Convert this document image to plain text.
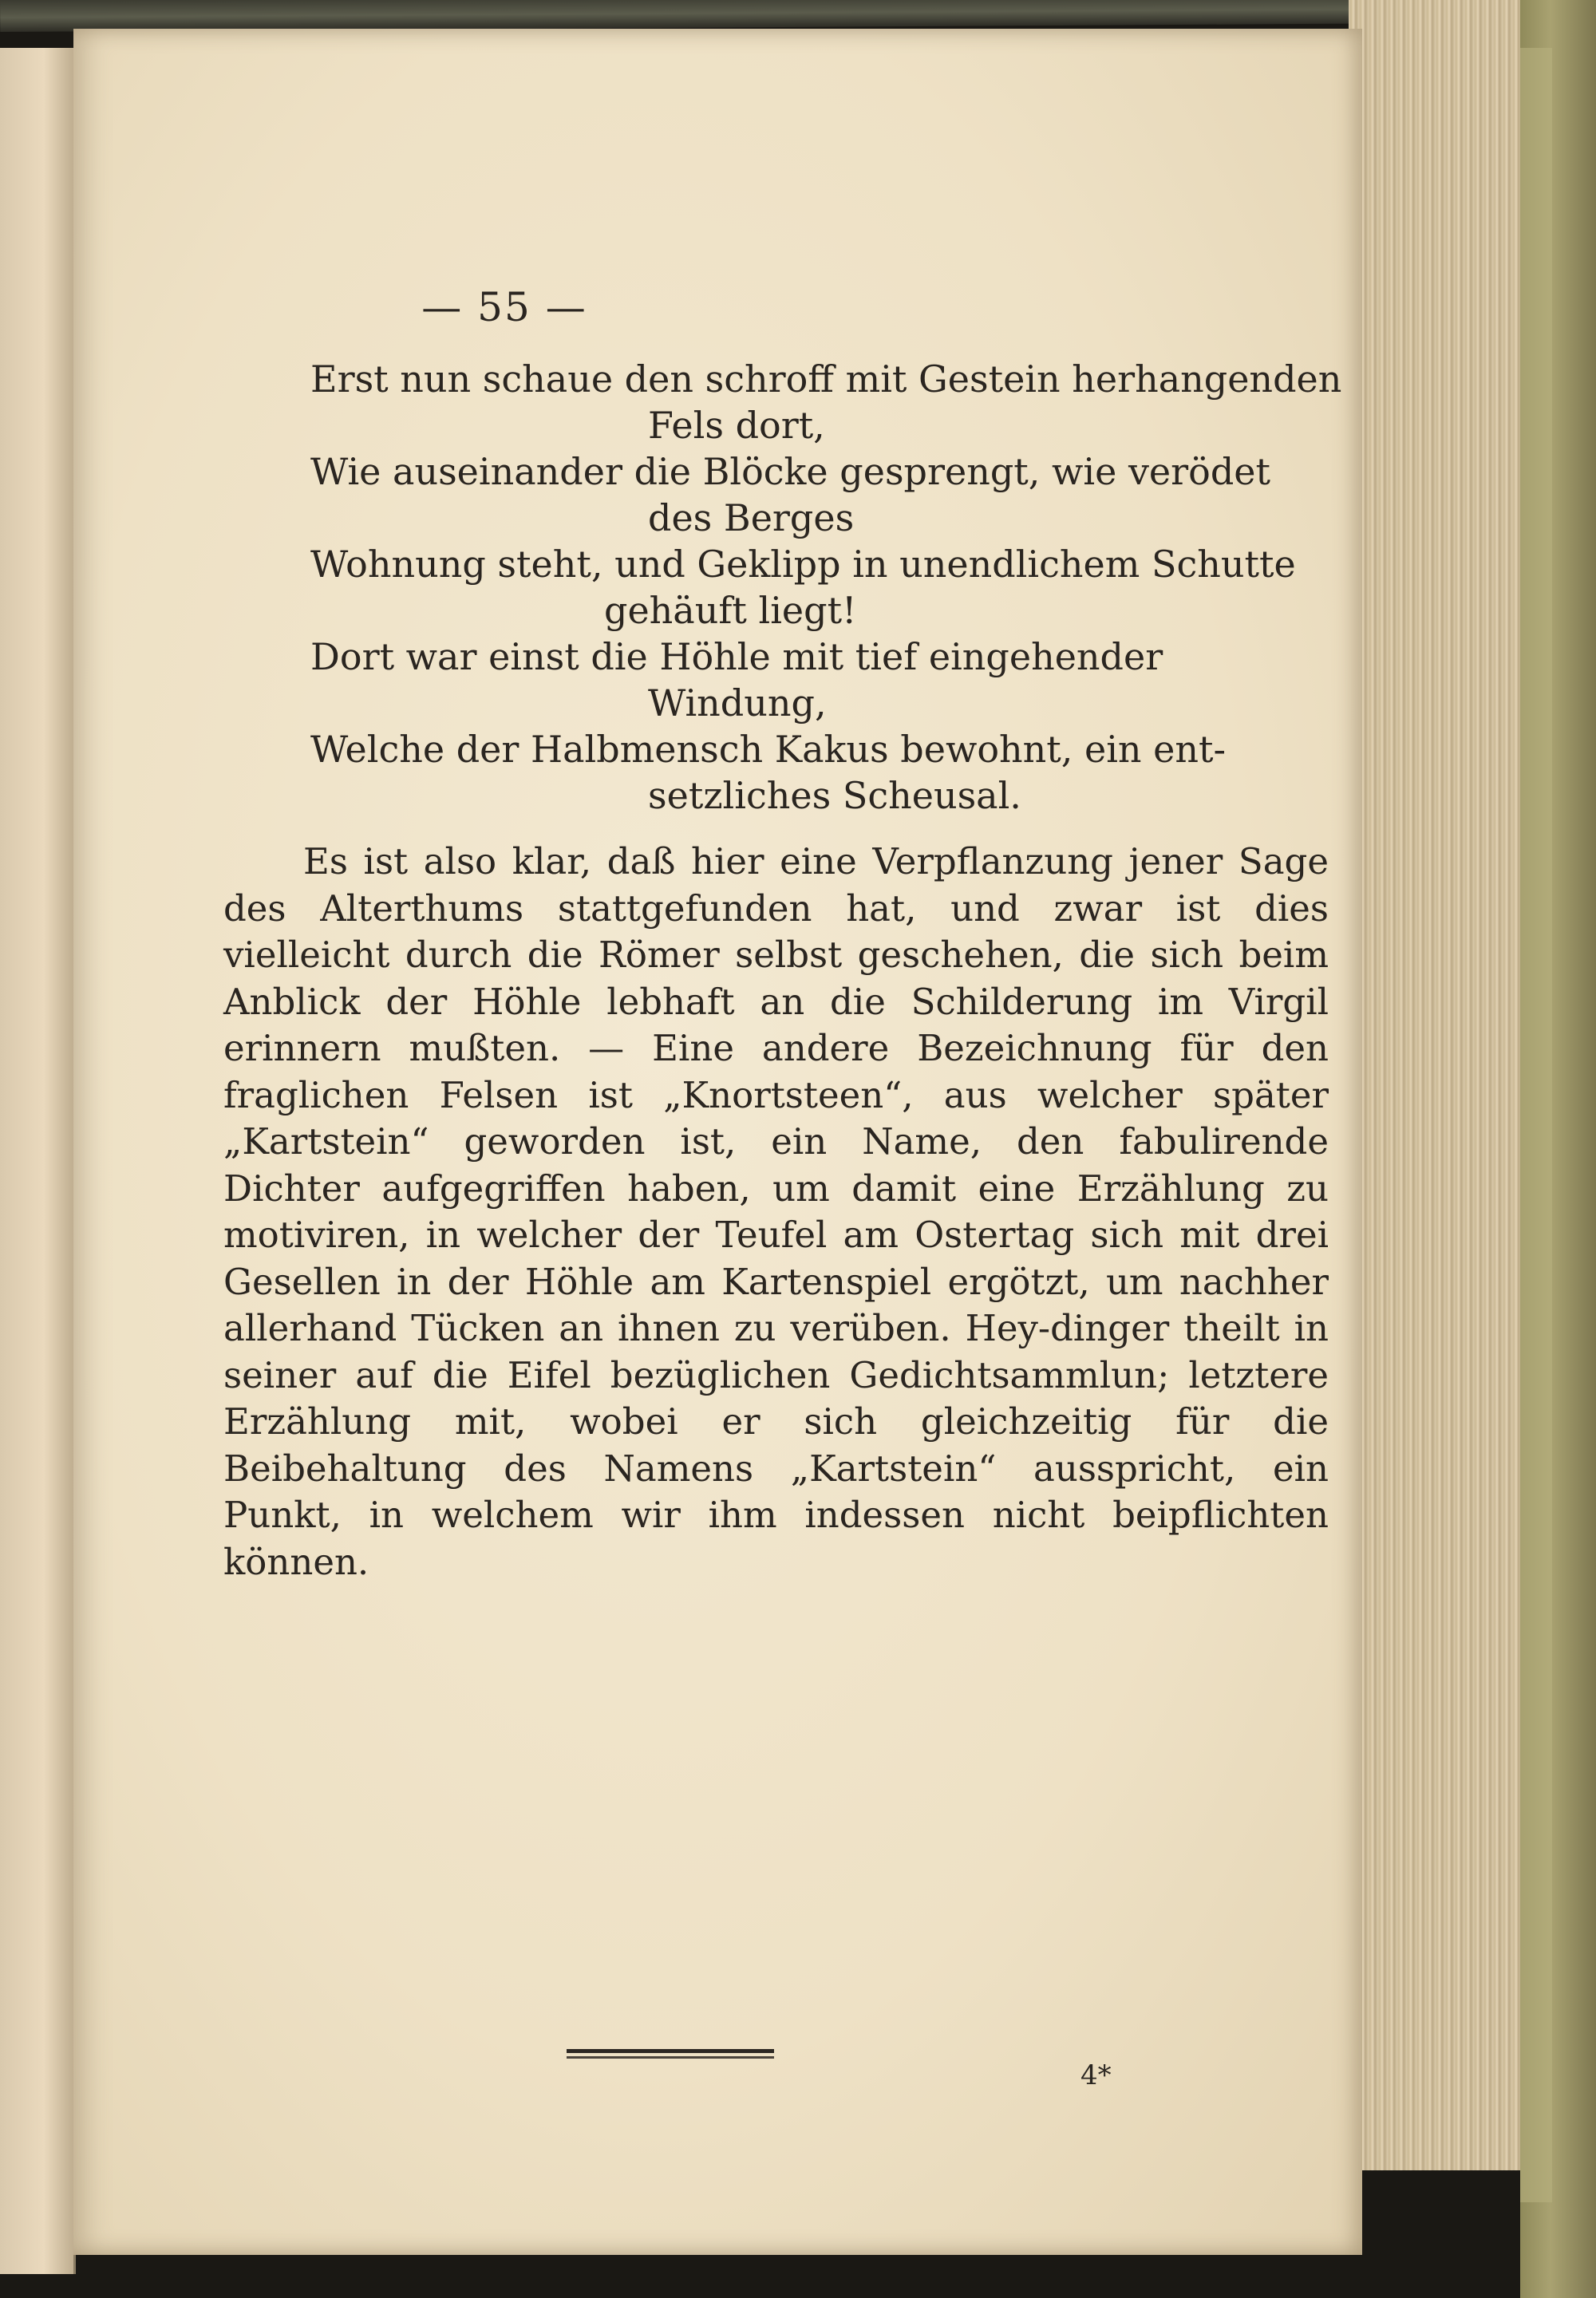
— 55 —
Erst nun schaue den schroff mit Gestein herhangenden
Fels dort,
Wie auseinander die Blöcke gesprengt, wie verödet
des Berges
Wohnung steht, und Geklipp in unendlichem Schutte
gehäuft liegt!
Dort war einst die Höhle mit tief eingehender
Windung,
Welche der Halbmensch Kakus bewohnt, ein ent-
setzliches Scheusal.

Es ist also klar, daß hier eine Verpflanzung jener Sage des Alterthums stattgefunden hat, und zwar ist dies vielleicht durch die Römer selbst geschehen, die sich beim Anblick der Höhle lebhaft an die Schilderung im Virgil erinnern mußten. — Eine andere Bezeichnung für den fraglichen Felsen ist „Knortsteen“, aus welcher später „Kartstein“ geworden ist, ein Name, den fabulirende Dichter aufgegriffen haben, um damit eine Erzählung zu motiviren, in welcher der Teufel am Ostertag sich mit drei Gesellen in der Höhle am Kartenspiel ergötzt, um nachher allerhand Tücken an ihnen zu verüben. Hey-dinger theilt in seiner auf die Eifel bezüglichen Gedichtsammlun; letztere Erzählung mit, wobei er sich gleichzeitig für die Beibehaltung des Namens „Kartstein“ ausspricht, ein Punkt, in welchem wir ihm indessen nicht beipflichten können.

4*
